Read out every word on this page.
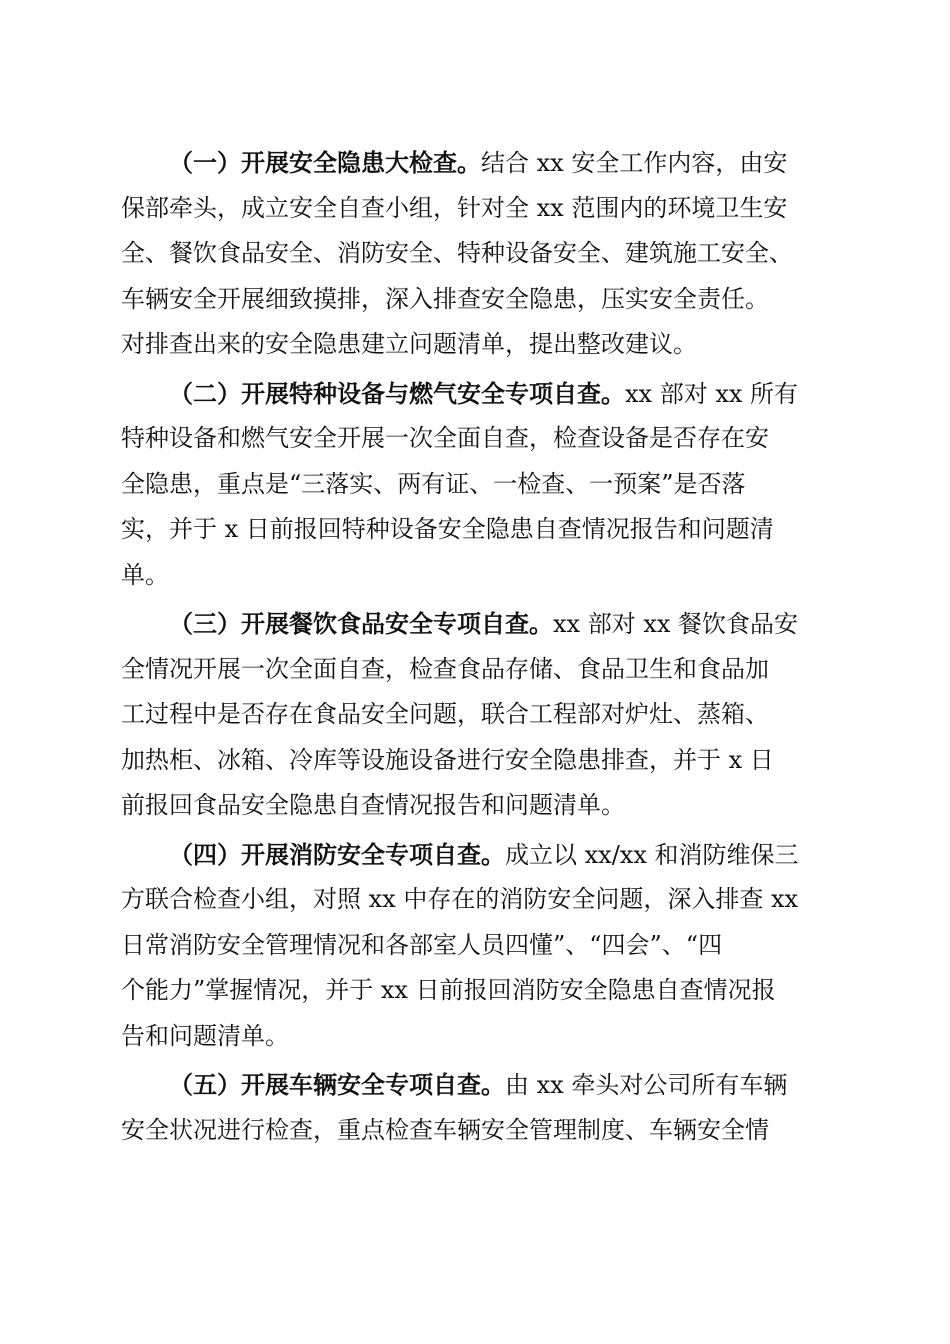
（一）开展安全隐患大检查。结合 xx 安全工作内容，由安
保部牵头，成立安全自查小组，针对全 xx 范围内的环境卫生安
全、餐饮食品安全、消防安全、特种设备安全、建筑施工安全、
车辆安全开展细致摸排，深入排查安全隐患，压实安全责任。
对排查出来的安全隐患建立问题清单，提出整改建议。
（二）开展特种设备与燃气安全专项自查。xx 部对 xx 所有
特种设备和燃气安全开展一次全面自查，检查设备是否存在安
全隐患，重点是“三落实、两有证、一检查、一预案”是否落
实，并于 x 日前报回特种设备安全隐患自查情况报告和问题清
单。
（三）开展餐饮食品安全专项自查。xx 部对 xx 餐饮食品安
全情况开展一次全面自查，检查食品存储、食品卫生和食品加
工过程中是否存在食品安全问题，联合工程部对炉灶、蒸箱、
加热柜、冰箱、冷库等设施设备进行安全隐患排查，并于 x 日
前报回食品安全隐患自查情况报告和问题清单。
（四）开展消防安全专项自查。成立以 xx/xx 和消防维保三
方联合检查小组，对照 xx 中存在的消防安全问题，深入排查 xx
日常消防安全管理情况和各部室人员四懂”、“四会”、“四
个能力”掌握情况，并于 xx 日前报回消防安全隐患自查情况报
告和问题清单。
（五）开展车辆安全专项自查。由 xx 牵头对公司所有车辆
安全状况进行检查，重点检查车辆安全管理制度、车辆安全情
